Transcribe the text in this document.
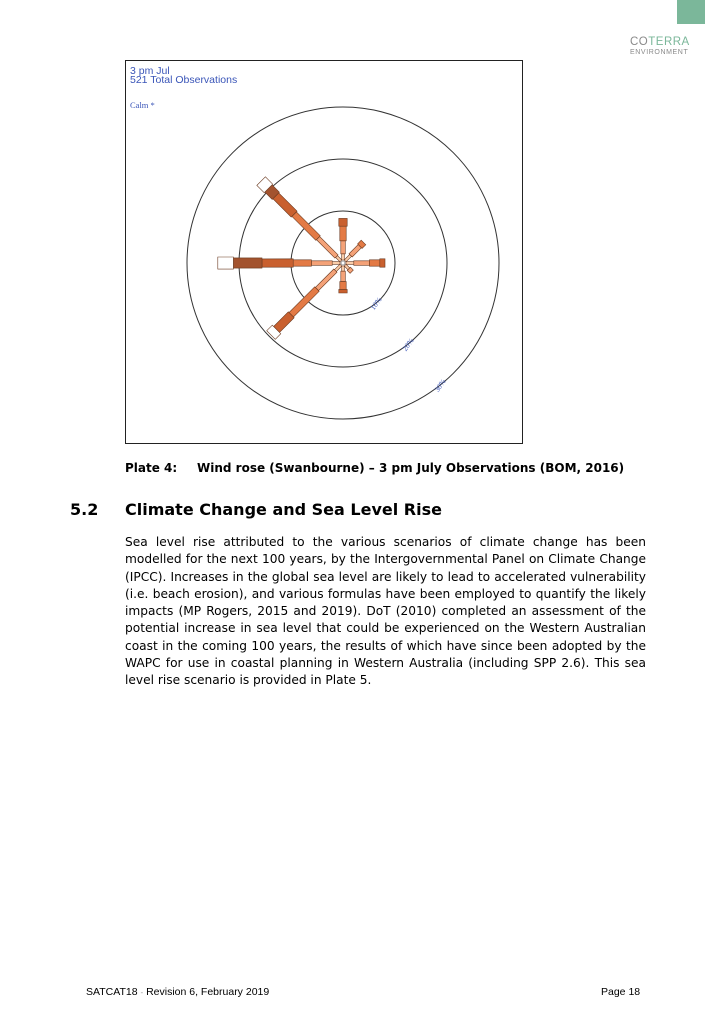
COTERRA
ENVIRONMENT
3 pm Jul
521 Total Observations
Calm *
10%
20%
30%
Plate 4: Wind rose (Swanbourne) – 3 pm July Observations (BOM, 2016)
5.2 Climate Change and Sea Level Rise
Sea level rise attributed to the various scenarios of climate change has been
modelled for the next 100 years, by the Intergovernmental Panel on Climate Change
(IPCC). Increases in the global sea level are likely to lead to accelerated vulnerability
(i.e. beach erosion), and various formulas have been employed to quantify the likely
impacts (MP Rogers, 2015 and 2019). DoT (2010) completed an assessment of the
potential increase in sea level that could be experienced on the Western Australian
coast in the coming 100 years, the results of which have since been adopted by the
WAPC for use in coastal planning in Western Australia (including SPP 2.6). This sea
level rise scenario is provided in Plate 5.
SATCAT18 - Revision 6, February 2019	Page 18
